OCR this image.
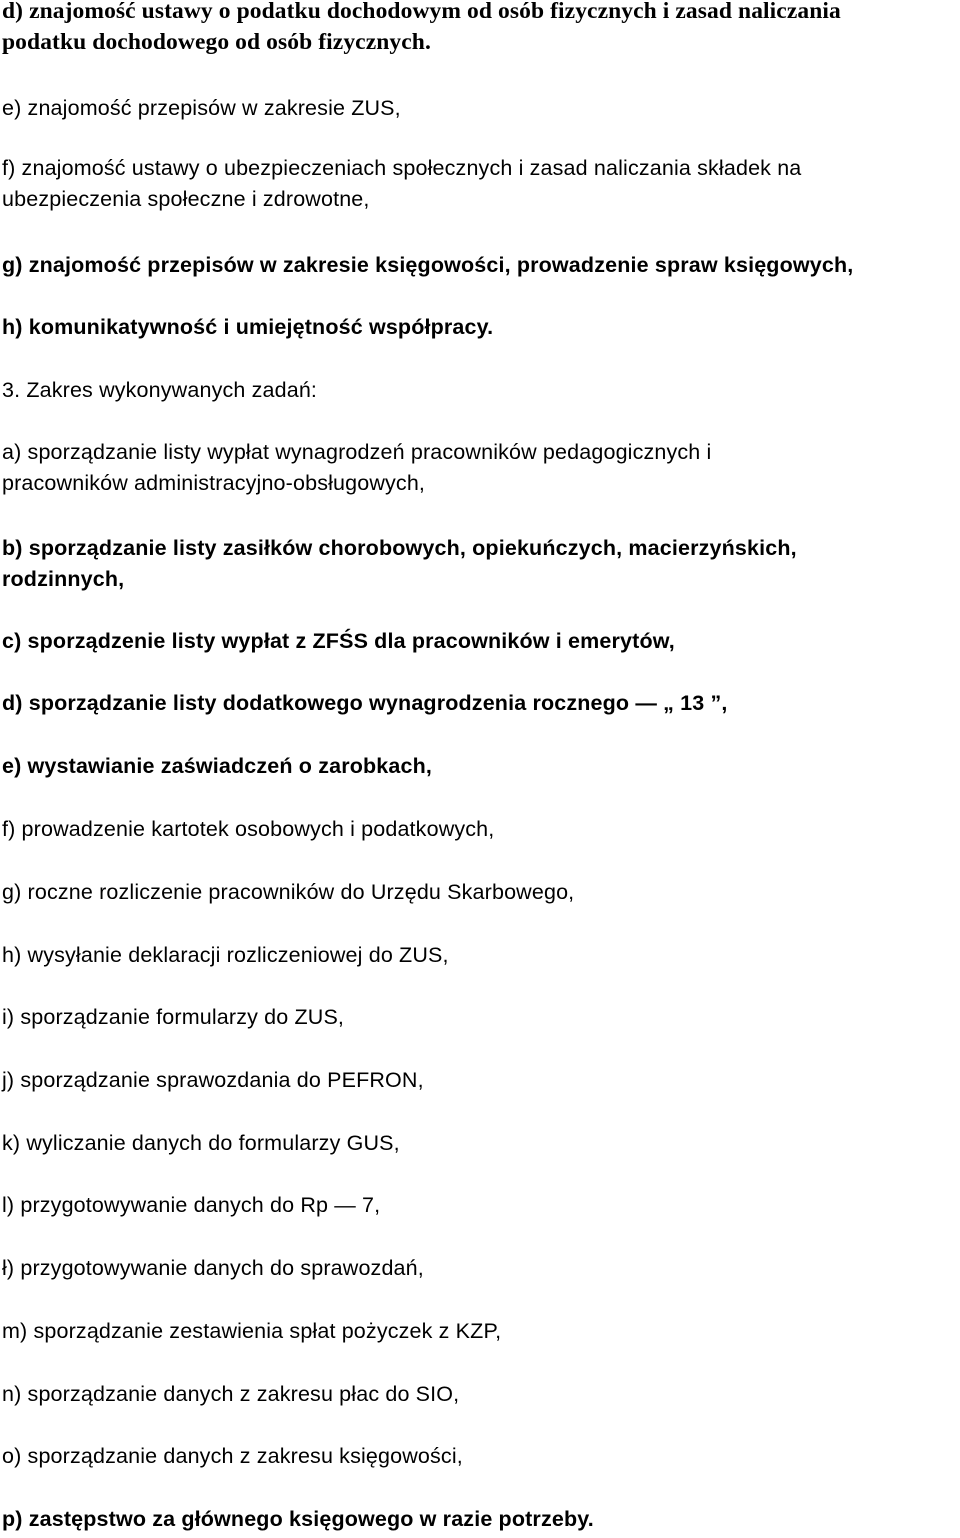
d) znajomość ustawy o podatku dochodowym od osób fizycznych i zasad naliczania
podatku dochodowego od osób fizycznych.
e) znajomość przepisów w zakresie ZUS,
f) znajomość ustawy o ubezpieczeniach społecznych i zasad naliczania składek na
ubezpieczenia społeczne i zdrowotne,
g) znajomość przepisów w zakresie księgowości, prowadzenie spraw księgowych,
h) komunikatywność i umiejętność współpracy.
3. Zakres wykonywanych zadań:
a) sporządzanie listy wypłat wynagrodzeń pracowników pedagogicznych i
pracowników administracyjno-obsługowych,
b) sporządzanie listy zasiłków chorobowych, opiekuńczych, macierzyńskich,
rodzinnych,
c) sporządzenie listy wypłat z ZFŚS dla pracowników i emerytów,
d) sporządzanie listy dodatkowego wynagrodzenia rocznego ― „ 13 ”,
e) wystawianie zaświadczeń o zarobkach,
f) prowadzenie kartotek osobowych i podatkowych,
g) roczne rozliczenie pracowników do Urzędu Skarbowego,
h) wysyłanie deklaracji rozliczeniowej do ZUS,
i) sporządzanie formularzy do ZUS,
j) sporządzanie sprawozdania do PEFRON,
k) wyliczanie danych do formularzy GUS,
l) przygotowywanie danych do Rp ― 7,
ł) przygotowywanie danych do sprawozdań,
m) sporządzanie zestawienia spłat pożyczek z KZP,
n) sporządzanie danych z zakresu płac do SIO,
o) sporządzanie danych z zakresu księgowości,
p) zastępstwo za głównego księgowego w razie potrzeby.
